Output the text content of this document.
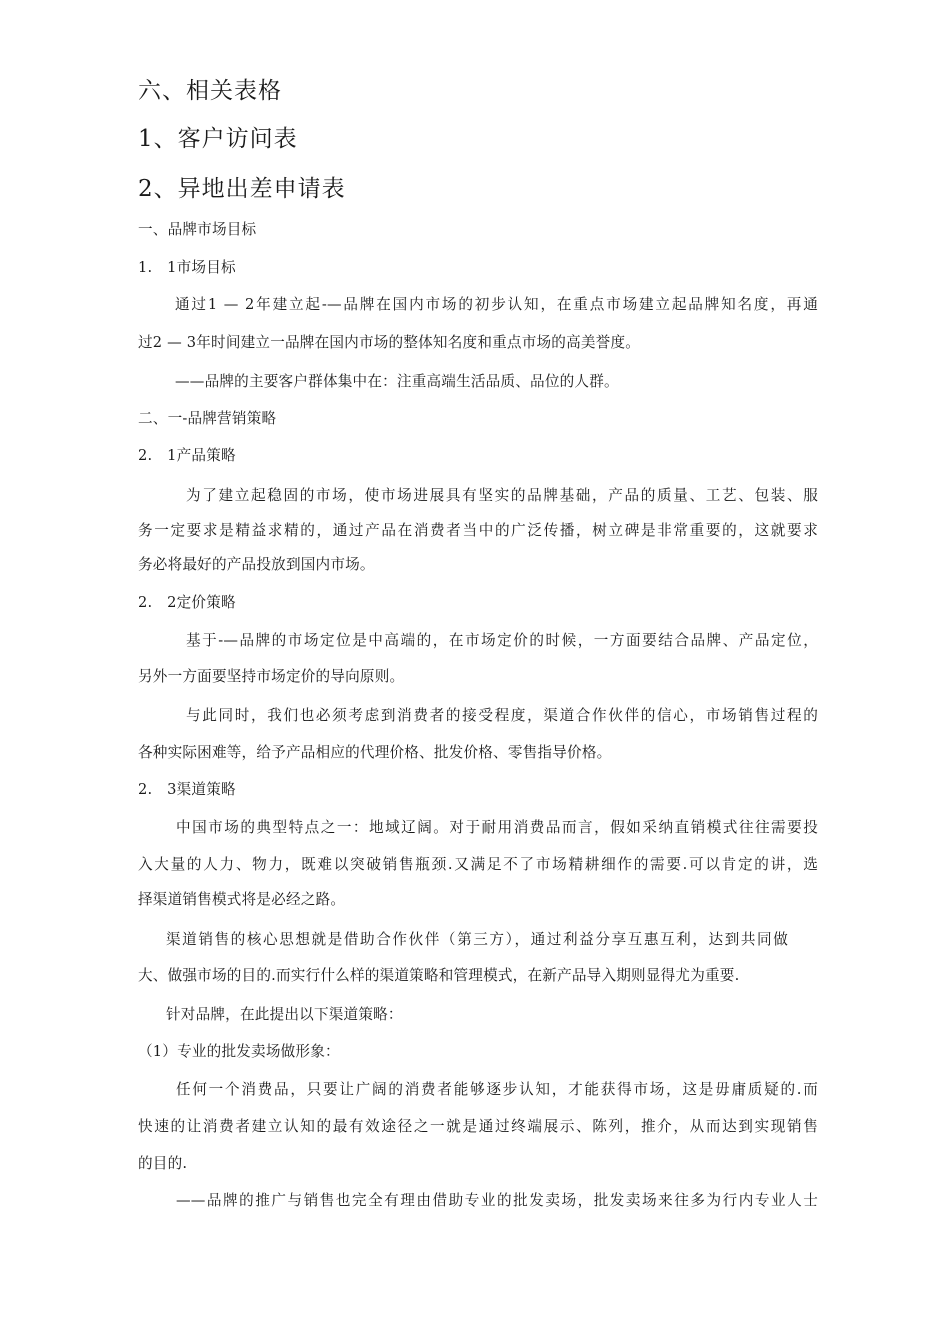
六、相关表格
1、客户访问表
2、异地出差申请表
一、品牌市场目标
1.　1市场目标
通过1 — 2年建立起-—品牌在国内市场的初步认知，在重点市场建立起品牌知名度，再通
过2 — 3年时间建立一品牌在国内市场的整体知名度和重点市场的高美誉度。
——品牌的主要客户群体集中在：注重高端生活品质、品位的人群。
二、一-品牌营销策略
2.　1产品策略
为了建立起稳固的市场，使市场进展具有坚实的品牌基础，产品的质量、工艺、包装、服
务一定要求是精益求精的，通过产品在消费者当中的广泛传播，树立碑是非常重要的，这就要求
务必将最好的产品投放到国内市场。
2.　2定价策略
基于-—品牌的市场定位是中高端的，在市场定价的时候，一方面要结合品牌、产品定位，
另外一方面要坚持市场定价的导向原则。
与此同时，我们也必须考虑到消费者的接受程度，渠道合作伙伴的信心，市场销售过程的
各种实际困难等，给予产品相应的代理价格、批发价格、零售指导价格。
2.　3渠道策略
中国市场的典型特点之一：地域辽阔。对于耐用消费品而言，假如采纳直销模式往往需要投
入大量的人力、物力，既难以突破销售瓶颈.又满足不了市场精耕细作的需要.可以肯定的讲，选
择渠道销售模式将是必经之路。
渠道销售的核心思想就是借助合作伙伴（第三方），通过利益分享互惠互利，达到共同做
大、做强市场的目的.而实行什么样的渠道策略和管理模式，在新产品导入期则显得尤为重要.
针对品牌，在此提出以下渠道策略：
（1）专业的批发卖场做形象：
任何一个消费品，只要让广阔的消费者能够逐步认知，才能获得市场，这是毋庸质疑的.而
快速的让消费者建立认知的最有效途径之一就是通过终端展示、陈列，推介，从而达到实现销售
的目的.
——品牌的推广与销售也完全有理由借助专业的批发卖场，批发卖场来往多为行内专业人士
